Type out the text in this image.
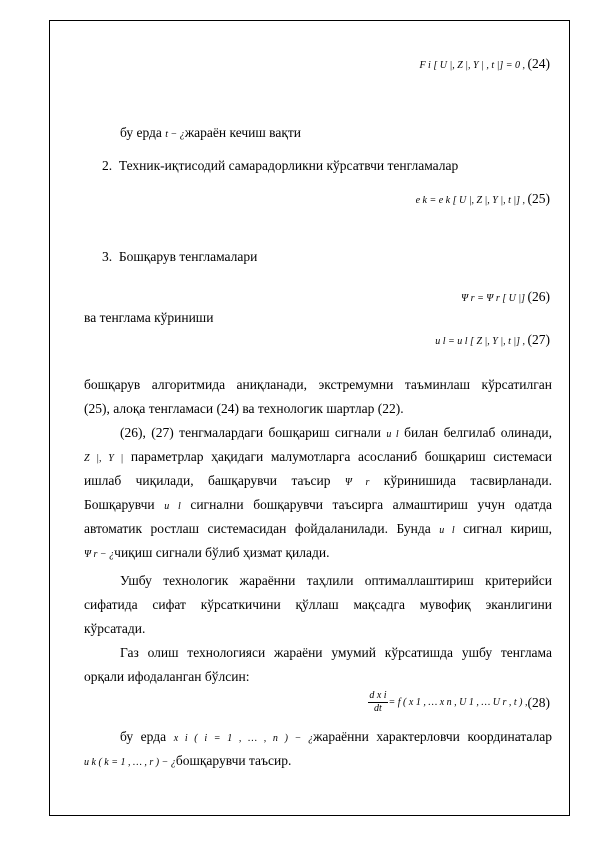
F i [ U |, Z |, Y | , t |] = 0 , (24)
бу ерда t − ¿жараён кечиш вақти
2. Техник-иқтисодий самарадорликни кўрсатвчи тенгламалар
e k = e k [ U |, Z |, Y |, t |] , (25)
3. Бошқарув тенгламалари
Ψ r = Ψ r [ U |] (26)
ва тенглама кўриниши
u l = u l [ Z |, Y |, t |] , (27)
бошқарув алгоритмида аниқланади, экстремумни таъминлаш кўрсатилган
(25), алоқа тенгламаси (24) ва технологик шартлар (22).
(26), (27) тенгмалардаги бошқариш сигнали u l билан белгилаб олинади,
Z |, Y | параметрлар ҳақидаги малумотларга асосланиб бошқариш системаси
ишлаб чиқилади, башқарувчи таъсир Ψ r кўринишида тасвирланади.
Бошқарувчи u l сигнални бошқарувчи таъсирга алмаштириш учун одатда
автоматик ростлаш системасидан фойдаланилади. Бунда u l сигнал кириш,
Ψ r − ¿чиқиш сигнали бўлиб ҳизмат қилади.
Ушбу технологик жараённи таҳлили оптималлаштириш критерийси
сифатида сифат кўрсаткичини қўллаш мақсадга мувофиқ эканлигини
кўрсатади.
Газ олиш технологияси жараёни умумий кўрсатишда ушбу тенглама
орқали ифодаланган бўлсин:
$\frac{\text{d x i}}{dt} = f$ ( x 1 , … x n , U 1 , … U r , t ) , (28)
бу ерда x i ( i = 1 , … , n ) − ¿жараённи характерловчи координаталар
u k ( k = 1 , … , r ) − ¿бошқарувчи таъсир.
